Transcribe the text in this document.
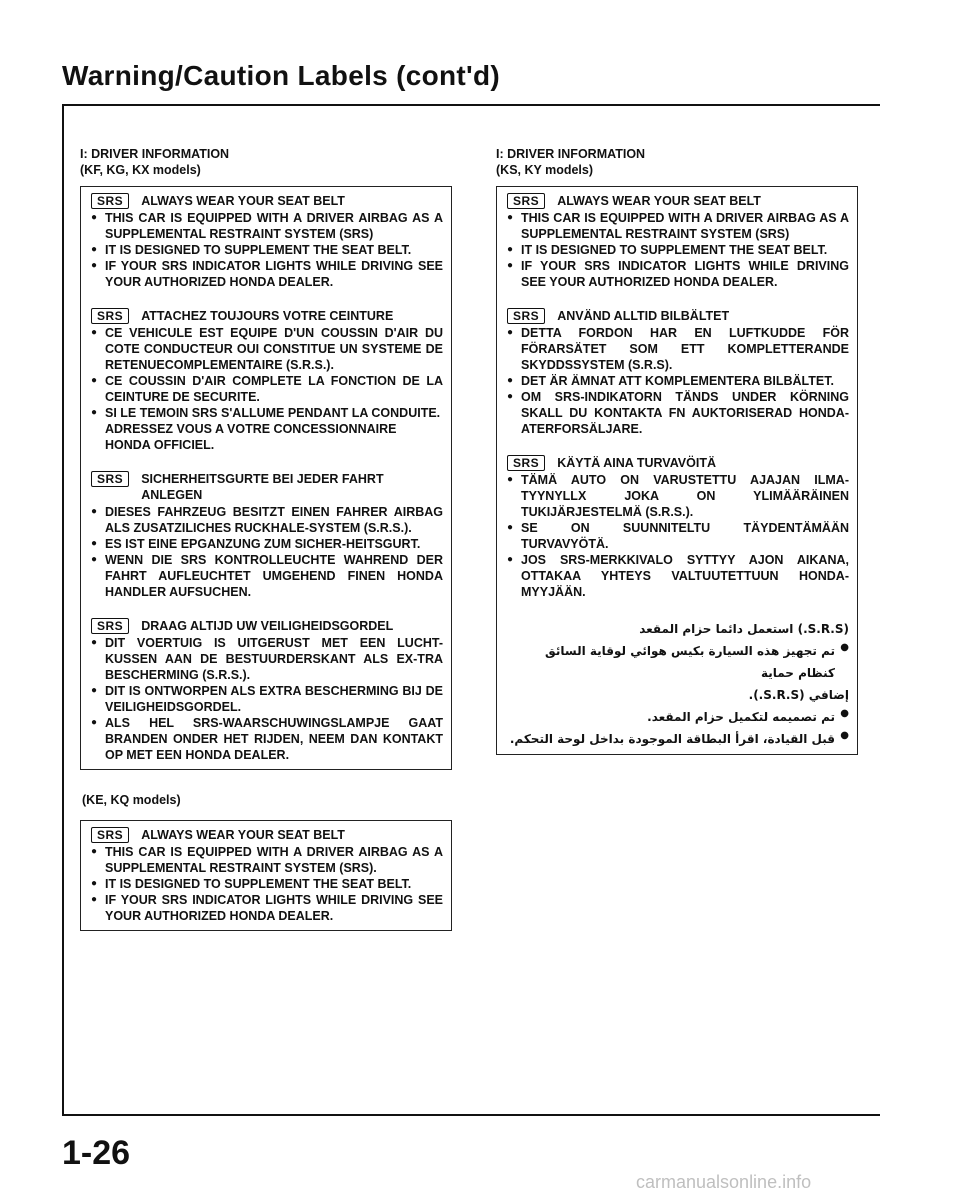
Warning/Caution Labels (cont'd)
I: DRIVER INFORMATION
(KF, KG, KX models)
SRS	ALWAYS WEAR YOUR SEAT BELT
● THIS CAR IS EQUIPPED WITH A DRIVER AIRBAG AS A SUPPLEMENTAL RESTRAINT SYSTEM (SRS)
● IT IS DESIGNED TO SUPPLEMENT THE SEAT BELT.
● IF YOUR SRS INDICATOR LIGHTS WHILE DRIVING SEE YOUR AUTHORIZED HONDA DEALER.
SRS	ATTACHEZ TOUJOURS VOTRE CEINTURE
● CE VEHICULE EST EQUIPE D'UN COUSSIN D'AIR DU COTE CONDUCTEUR OUI CONSTITUE UN SYSTEME DE RETENUECOMPLEMENTAIRE (S.R.S.).
● CE COUSSIN D'AIR COMPLETE LA FONCTION DE LA CEINTURE DE SECURITE.
● SI LE TEMOIN SRS S'ALLUME PENDANT LA CONDUITE.
ADRESSEZ VOUS A VOTRE CONCESSIONNAIRE HONDA OFFICIEL.
SRS	SICHERHEITSGURTE BEI JEDER FAHRT ANLEGEN
● DIESES FAHRZEUG BESITZT EINEN FAHRER AIRBAG ALS ZUSATZILICHES RUCKHALE-SYSTEM (S.R.S.).
● ES IST EINE EPGANZUNG ZUM SICHER-HEITSGURT.
● WENN DIE SRS KONTROLLEUCHTE WAHREND DER FAHRT AUFLEUCHTET UMGEHEND FINEN HONDA HANDLER AUFSUCHEN.
SRS	DRAAG ALTIJD UW VEILIGHEIDSGORDEL
● DIT VOERTUIG IS UITGERUST MET EEN LUCHT-KUSSEN AAN DE BESTUURDERSKANT ALS EX-TRA BESCHERMING (S.R.S.).
● DIT IS ONTWORPEN ALS EXTRA BESCHERMING BIJ DE VEILIGHEIDSGORDEL.
● ALS HEL SRS-WAARSCHUWINGSLAMPJE GAAT BRANDEN ONDER HET RIJDEN, NEEM DAN KONTAKT OP MET EEN HONDA DEALER.
(KE, KQ models)
SRS	ALWAYS WEAR YOUR SEAT BELT
● THIS CAR IS EQUIPPED WITH A DRIVER AIRBAG AS A SUPPLEMENTAL RESTRAINT SYSTEM (SRS).
● IT IS DESIGNED TO SUPPLEMENT THE SEAT BELT.
● IF YOUR SRS INDICATOR LIGHTS WHILE DRIVING SEE YOUR AUTHORIZED HONDA DEALER.
I: DRIVER INFORMATION
(KS, KY models)
SRS	ALWAYS WEAR YOUR SEAT BELT
● THIS CAR IS EQUIPPED WITH A DRIVER AIRBAG AS A SUPPLEMENTAL RESTRAINT SYSTEM (SRS)
● IT IS DESIGNED TO SUPPLEMENT THE SEAT BELT.
● IF YOUR SRS INDICATOR LIGHTS WHILE DRIVING SEE YOUR AUTHORIZED HONDA DEALER.
SRS	ANVÄND ALLTID BILBÄLTET
● DETTA FORDON HAR EN LUFTKUDDE FÖR FÖRARSÄTET SOM ETT KOMPLETTERANDE SKYDDSSYSTEM (S.R.S).
● DET ÄR ÄMNAT ATT KOMPLEMENTERA BILBÄLTET.
● OM SRS-INDIKATORN TÄNDS UNDER KÖRNING SKALL DU KONTAKTA FN AUKTORISERAD HONDA-ATERFORSÄLJARE.
SRS	KÄYTÄ AINA TURVAVÖITÄ
● TÄMÄ AUTO ON VARUSTETTU AJAJAN ILMA-TYYNYLLX JOKA ON YLIMÄÄRÄINEN TUKIJÄRJESTELMÄ (S.R.S.).
● SE ON SUUNNITELTU TÄYDENTÄMÄÄN TURVAVYÖTÄ.
● JOS SRS-MERKKIVALO SYTTYY AJON AIKANA, OTTAKAA YHTEYS VALTUUTETTUUN HONDA-MYYJÄÄN.
(S.R.S.) استعمل دائما حزام المقعد
●
تم تجهيز هذه السيارة بكيس هوائي لوقاية السائق كنظام حماية
إضافي (S.R.S.).
●
تم تصميمه لتكميل حزام المقعد.
●
قبل القيادة، اقرأ البطاقة الموجودة بداخل لوحة التحكم.
1-26
carmanualsonline.info
